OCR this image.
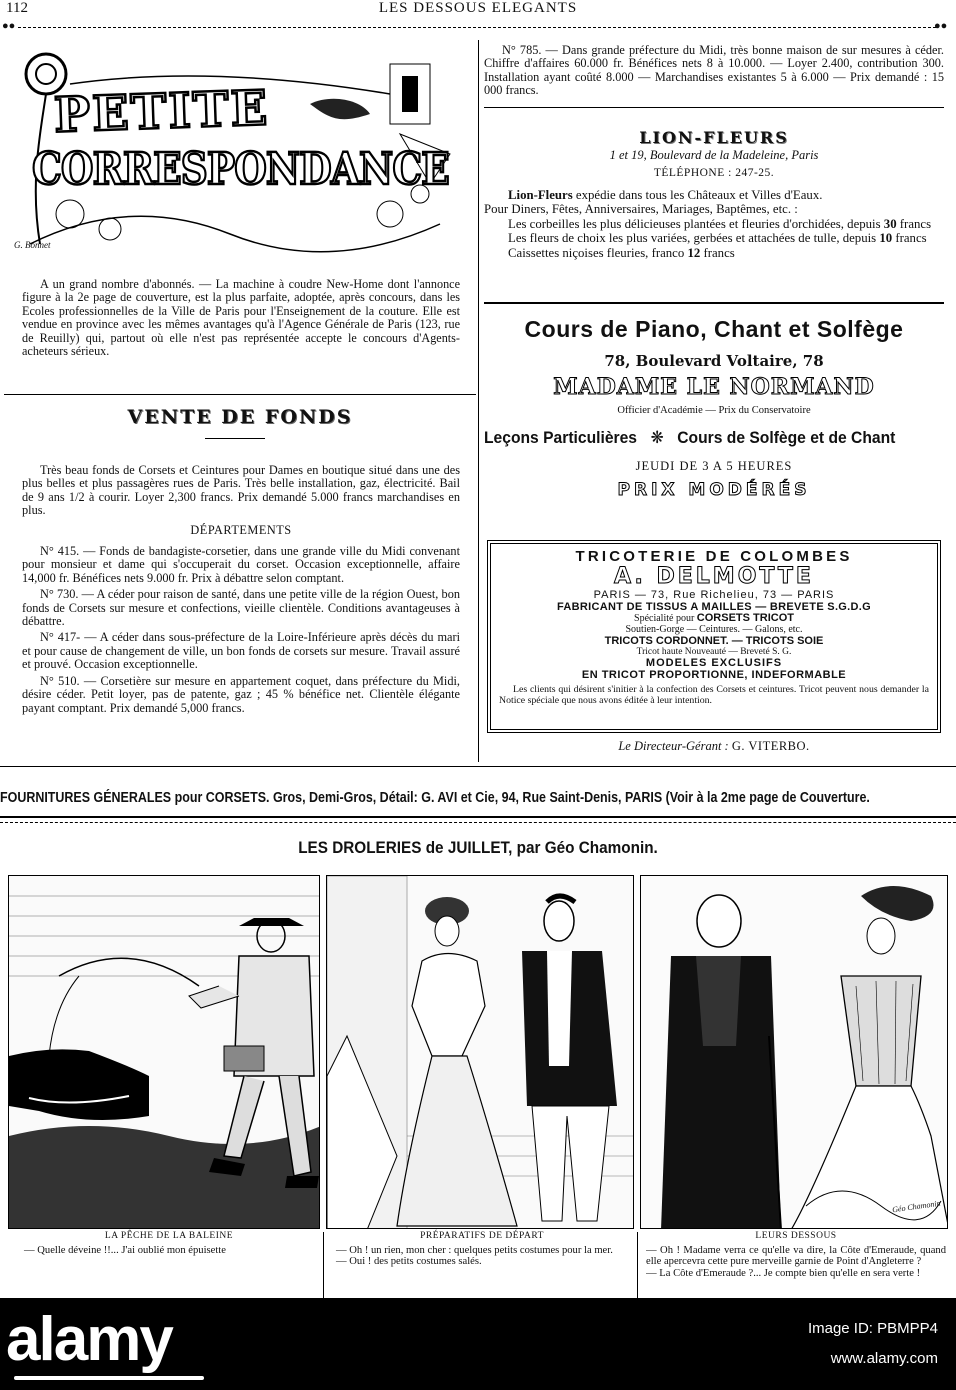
112	LES DESSOUS ELEGANTS
●●	●●
PETITE
CORRESPONDANCE
G. Bonnet

A un grand nombre d'abonnés. — La machine à coudre New-Home dont l'annonce figure à la 2e page de couverture, est la plus parfaite, adoptée, après concours, dans les Ecoles professionnelles de la Ville de Paris pour l'Enseignement de la couture. Elle est vendue en province avec les mêmes avantages qu'à l'Agence Générale de Paris (123, rue de Reuilly) qui, partout où elle n'est pas représentée accepte le concours d'Agents-acheteurs sérieux.

VENTE DE FONDS

Très beau fonds de Corsets et Ceintures pour Dames en boutique situé dans une des plus belles et plus passagères rues de Paris. Très belle installation, gaz, électricité. Bail de 9 ans 1/2 à courir. Loyer 2,300 francs. Prix demandé 5.000 francs marchandises en plus.

DÉPARTEMENTS

N° 415. — Fonds de bandagiste-corsetier, dans une grande ville du Midi convenant pour monsieur et dame qui s'occuperait du corset. Occasion exceptionnelle, affaire 14,000 fr. Bénéfices nets 9.000 fr. Prix à débattre selon comptant.

N° 730. — A céder pour raison de santé, dans une petite ville de la région Ouest, bon fonds de Corsets sur mesure et confections, vieille clientèle. Conditions avantageuses à débattre.

N° 417- — A céder dans sous-préfecture de la Loire-Inférieure après décès du mari et pour cause de changement de ville, un bon fonds de corsets sur mesure. Travail assuré et prouvé. Occasion exceptionnelle.

N° 510. — Corsetière sur mesure en appartement coquet, dans préfecture du Midi, désire céder. Petit loyer, pas de patente, gaz ; 45 % bénéfice net. Clientèle élégante payant comptant. Prix demandé 5,000 francs.

N° 785. — Dans grande préfecture du Midi, très bonne maison de sur mesures à céder. Chiffre d'affaires 60.000 fr. Bénéfices nets 8 à 10.000. — Loyer 2.400, contribution 300. Installation ayant coûté 8.000 — Marchandises existantes 5 à 6.000 — Prix demandé : 15 000 francs.

LION-FLEURS
1 et 19, Boulevard de la Madeleine, Paris
TÉLÉPHONE : 247-25.

Lion-Fleurs expédie dans tous les Châteaux et Villes d'Eaux.

Pour Diners, Fêtes, Anniversaires, Mariages, Baptêmes, etc. :

Les corbeilles les plus délicieuses plantées et fleuries d'orchidées, depuis 30 francs

Les fleurs de choix les plus variées, gerbées et attachées de tulle, depuis 10 francs

Caissettes niçoises fleuries, franco 12 francs

Cours de Piano, Chant et Solfège
78, Boulevard Voltaire, 78
MADAME LE NORMAND
Officier d'Académie — Prix du Conservatoire
Leçons Particulières ❋ Cours de Solfège et de Chant
JEUDI DE 3 A 5 HEURES
PRIX MODÉRÉS
TRICOTERIE DE COLOMBES
A. DELMOTTE
PARIS — 73, Rue Richelieu, 73 — PARIS
FABRICANT DE TISSUS A MAILLES — BREVETE S.G.D.G
Spécialité pour CORSETS TRICOT
Soutien-Gorge — Ceintures. — Galons, etc.
TRICOTS CORDONNET. — TRICOTS SOIE
Tricot haute Nouveauté — Breveté S. G.
MODELES EXCLUSIFS
EN TRICOT PROPORTIONNE, INDEFORMABLE
Les clients qui désirent s'initier à la confection des Corsets et ceintures. Tricot peuvent nous demander la Notice spéciale que nous avons éditée à leur intention.
Le Directeur-Gérant : G. VITERBO.
FOURNITURES GÉNERALES pour CORSETS. Gros, Demi-Gros, Détail: G. AVI et Cie, 94, Rue Saint-Denis, PARIS (Voir à la 2me page de Couverture.
LES DROLERIES de JUILLET, par Géo Chamonin.
Géo Chamonin
LA PÊCHE DE LA BALEINE
— Quelle déveine !!... J'ai oublié mon épuisette
PRÉPARATIFS DE DÉPART
— Oh ! un rien, mon cher : quelques petits costumes pour la mer.
— Oui ! des petits costumes salés.
LEURS DESSOUS
— Oh ! Madame verra ce qu'elle va dire, la Côte d'Emeraude, quand elle apercevra cette pure merveille garnie de Point d'Angleterre ?
— La Côte d'Emeraude ?... Je compte bien qu'elle en sera verte !
alamy	Image ID: PBMPP4
www.alamy.com
